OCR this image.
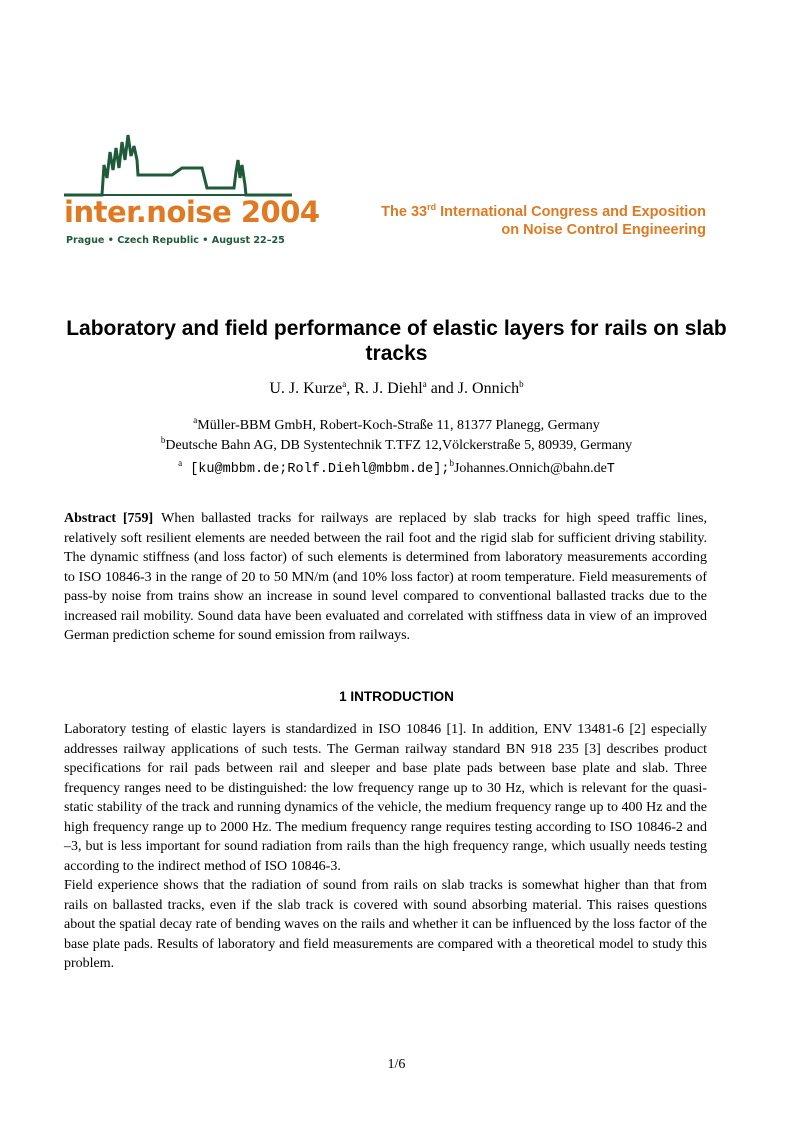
inter.noise 2004
Prague • Czech Republic • August 22–25
The 33rd International Congress and Exposition
on Noise Control Engineering
Laboratory and field performance of elastic layers for rails on slab tracks
U. J. Kurze$^a$, R. J. Diehl$^a$ and J. Onnich$^b$
$^a$Müller-BBM GmbH, Robert-Koch-Straße 11, 81377 Planegg, Germany
$^b$Deutsche Bahn AG, DB Systentechnik T.TFZ 12,Völckerstraße 5, 80939, Germany
$^a$ [ku@mbbm.de;Rolf.Diehl@mbbm.de];$^b$Johannes.Onnich@bahn.deT

Abstract [759] When ballasted tracks for railways are replaced by slab tracks for high speed traffic lines, relatively soft resilient elements are needed between the rail foot and the rigid slab for sufficient driving stability. The dynamic stiffness (and loss factor) of such elements is determined from laboratory measurements according to ISO 10846-3 in the range of 20 to 50 MN/m (and 10% loss factor) at room temperature. Field measurements of pass-by noise from trains show an increase in sound level compared to conventional ballasted tracks due to the increased rail mobility. Sound data have been evaluated and correlated with stiffness data in view of an improved German prediction scheme for sound emission from railways.

1 INTRODUCTION

Laboratory testing of elastic layers is standardized in ISO 10846 [1]. In addition, ENV 13481-6 [2] especially addresses railway applications of such tests. The German railway standard BN 918 235 [3] describes product specifications for rail pads between rail and sleeper and base plate pads between base plate and slab. Three frequency ranges need to be distinguished: the low frequency range up to 30 Hz, which is relevant for the quasi-static stability of the track and running dynamics of the vehicle, the medium frequency range up to 400 Hz and the high frequency range up to 2000 Hz. The medium frequency range requires testing according to ISO 10846-2 and –3, but is less important for sound radiation from rails than the high frequency range, which usually needs testing according to the indirect method of ISO 10846-3.

Field experience shows that the radiation of sound from rails on slab tracks is somewhat higher than that from rails on ballasted tracks, even if the slab track is covered with sound absorbing material. This raises questions about the spatial decay rate of bending waves on the rails and whether it can be influenced by the loss factor of the base plate pads. Results of laboratory and field measurements are compared with a theoretical model to study this problem.

1/6
